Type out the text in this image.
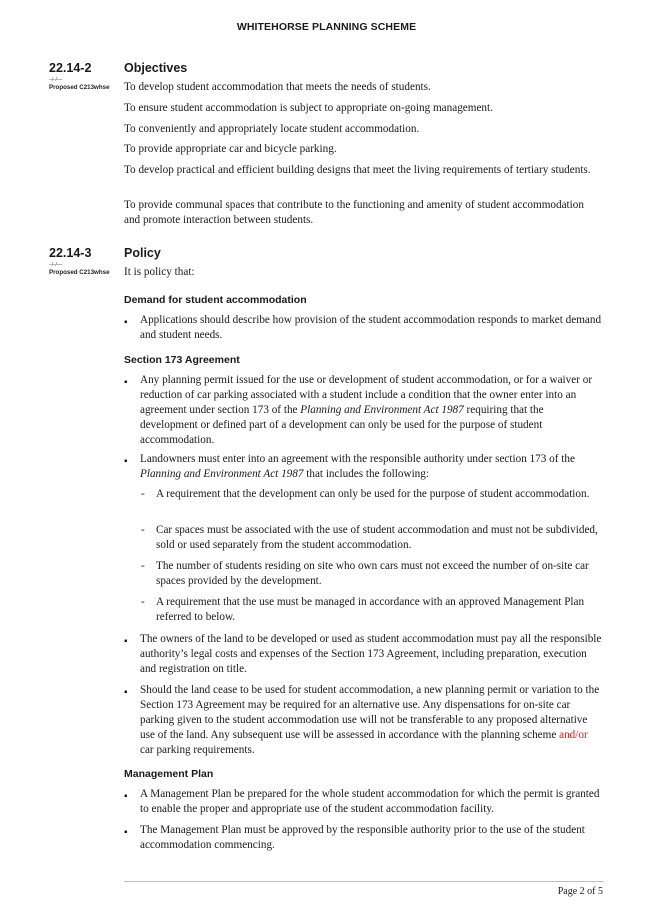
WHITEHORSE PLANNING SCHEME
22.14-2
--/--/----
Proposed C213whse
Objectives
To develop student accommodation that meets the needs of students.
To ensure student accommodation is subject to appropriate on-going management.
To conveniently and appropriately locate student accommodation.
To provide appropriate car and bicycle parking.
To develop practical and efficient building designs that meet the living requirements of tertiary students.
To provide communal spaces that contribute to the functioning and amenity of student accommodation and promote interaction between students.
22.14-3
--/--/----
Proposed C213whse
Policy
It is policy that:
Demand for student accommodation
▪ Applications should describe how provision of the student accommodation responds to market demand and student needs.
Section 173 Agreement
▪ Any planning permit issued for the use or development of student accommodation, or for a waiver or reduction of car parking associated with a student include a condition that the owner enter into an agreement under section 173 of the Planning and Environment Act 1987 requiring that the development or defined part of a development can only be used for the purpose of student accommodation.
▪ Landowners must enter into an agreement with the responsible authority under section 173 of the Planning and Environment Act 1987 that includes the following:
- A requirement that the development can only be used for the purpose of student accommodation.
- Car spaces must be associated with the use of student accommodation and must not be subdivided, sold or used separately from the student accommodation.
- The number of students residing on site who own cars must not exceed the number of on-site car spaces provided by the development.
- A requirement that the use must be managed in accordance with an approved Management Plan referred to below.
▪ The owners of the land to be developed or used as student accommodation must pay all the responsible authority’s legal costs and expenses of the Section 173 Agreement, including preparation, execution and registration on title.
▪ Should the land cease to be used for student accommodation, a new planning permit or variation to the Section 173 Agreement may be required for an alternative use. Any dispensations for on-site car parking given to the student accommodation use will not be transferable to any proposed alternative use of the land. Any subsequent use will be assessed in accordance with the planning scheme and/or car parking requirements.
Management Plan
▪ A Management Plan be prepared for the whole student accommodation for which the permit is granted to enable the proper and appropriate use of the student accommodation facility.
▪ The Management Plan must be approved by the responsible authority prior to the use of the student accommodation commencing.
Page 2 of 5
